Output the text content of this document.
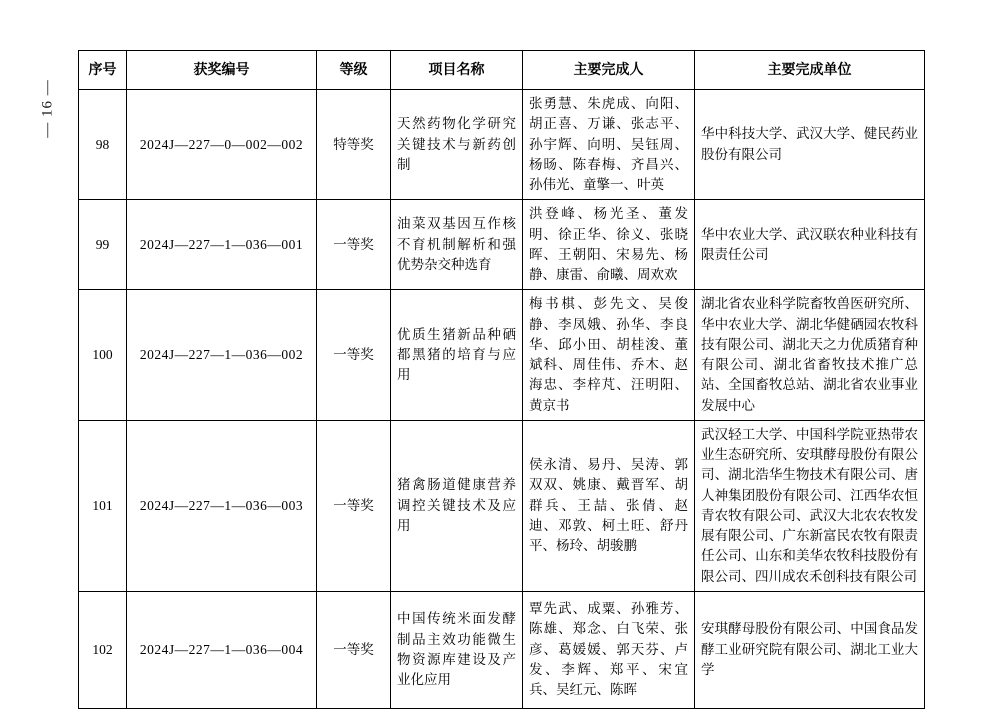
— 16 —
序号	获奖编号	等级	项目名称	主要完成人	主要完成单位
98	2024J—227—0—002—002	特等奖	天然药物化学研究关键技术与新药创制	张勇慧、朱虎成、向阳、胡正喜、万谦、张志平、孙宇辉、向明、吴钰周、杨旸、陈春梅、齐昌兴、孙伟光、童擎一、叶英	华中科技大学、武汉大学、健民药业股份有限公司
99	2024J—227—1—036—001	一等奖	油菜双基因互作核不育机制解析和强优势杂交种选育	洪登峰、杨光圣、董发明、徐正华、徐义、张晓晖、王朝阳、宋易先、杨静、康雷、俞曦、周欢欢	华中农业大学、武汉联农种业科技有限责任公司
100	2024J—227—1—036—002	一等奖	优质生猪新品种硒都黑猪的培育与应用	梅书棋、彭先文、吴俊静、李凤娥、孙华、李良华、邱小田、胡桂浚、董斌科、周佳伟、乔木、赵海忠、李梓芃、汪明阳、黄京书	湖北省农业科学院畜牧兽医研究所、华中农业大学、湖北华健硒园农牧科技有限公司、湖北天之力优质猪育种有限公司、湖北省畜牧技术推广总站、全国畜牧总站、湖北省农业事业发展中心
101	2024J—227—1—036—003	一等奖	猪禽肠道健康营养调控关键技术及应用	侯永清、易丹、吴涛、郭双双、姚康、戴晋军、胡群兵、王喆、张倩、赵迪、邓敦、柯土旺、舒丹平、杨玲、胡骏鹏	武汉轻工大学、中国科学院亚热带农业生态研究所、安琪酵母股份有限公司、湖北浩华生物技术有限公司、唐人神集团股份有限公司、江西华农恒青农牧有限公司、武汉大北农农牧发展有限公司、广东新富民农牧有限责任公司、山东和美华农牧科技股份有限公司、四川成农禾创科技有限公司
102	2024J—227—1—036—004	一等奖	中国传统米面发酵制品主效功能微生物资源库建设及产业化应用	覃先武、成粟、孙雅芳、陈雄、郑念、白飞荣、张彦、葛媛媛、郭天芬、卢发、李辉、郑平、宋宜兵、吴红元、陈晖	安琪酵母股份有限公司、中国食品发酵工业研究院有限公司、湖北工业大学
